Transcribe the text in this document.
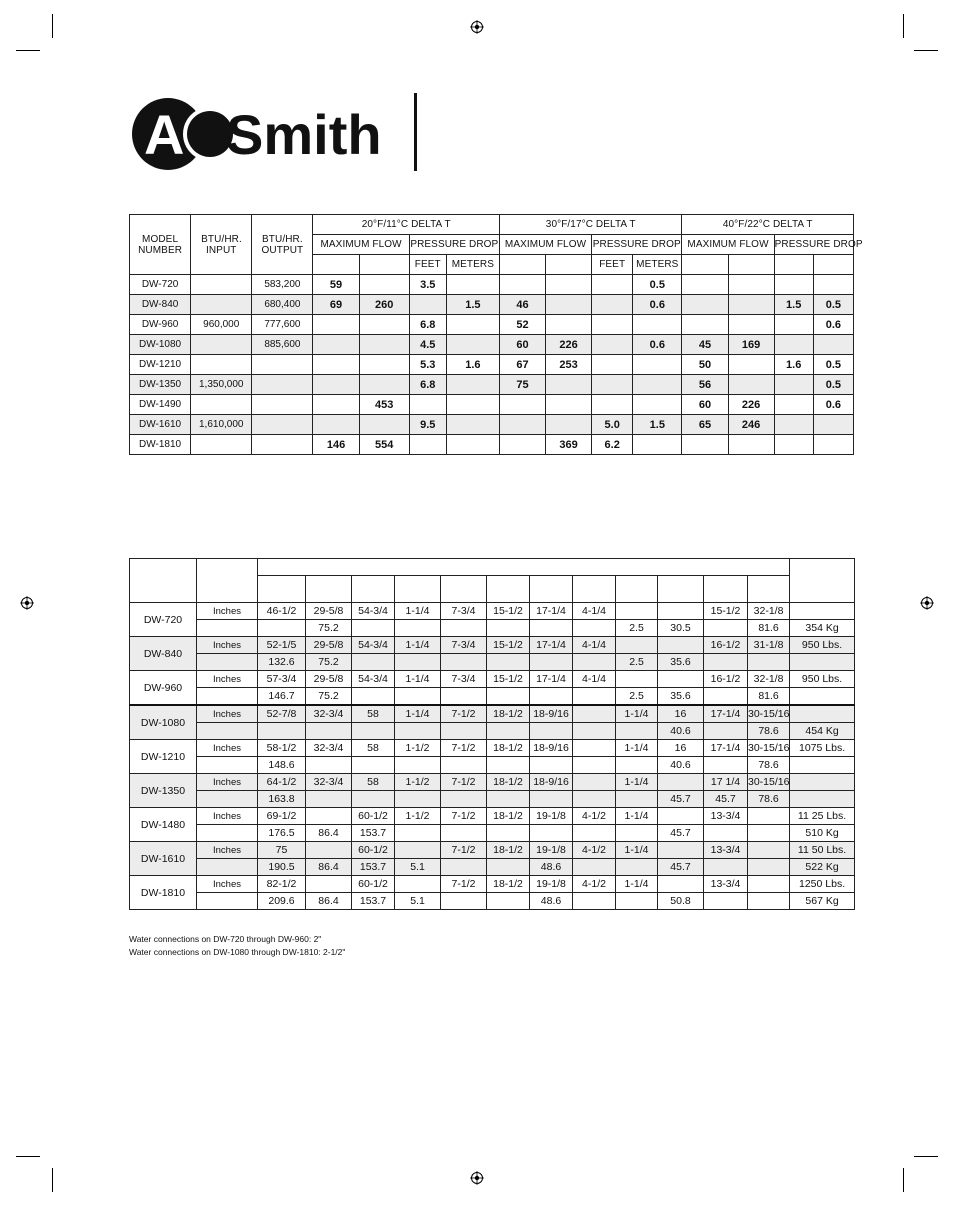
A Smith
MODEL NUMBER	BTU/HR. INPUT	BTU/HR. OUTPUT	20°F/11°C DELTA T				30°F/17°C DELTA T				40°F/22°C DELTA T			
			MAXIMUM FLOW		PRESSURE DROP		MAXIMUM FLOW		PRESSURE DROP		MAXIMUM FLOW		PRESSURE DROP	
					FEET	METERS			FEET	METERS				
DW-720		583,200	59		3.5					0.5				
DW-840		680,400	69	260		1.5	46			0.6			1.5	0.5
DW-960	960,000	777,600			6.8		52							0.6
DW-1080		885,600			4.5		60	226		0.6	45	169		
DW-1210					5.3	1.6	67	253			50		1.6	0.5
DW-1350	1,350,000				6.8		75				56			0.5
DW-1490				453							60	226		0.6
DW-1610	1,610,000				9.5				5.0	1.5	65	246		
DW-1810			146	554				369	6.2					

DW-720	Inches	46-1/2	29-5/8	54-3/4	1-1/4	7-3/4	15-1/2	17-1/4	4-1/4			15-1/2	32-1/8	
			75.2							2.5	30.5		81.6	354 Kg
DW-840	Inches	52-1/5	29-5/8	54-3/4	1-1/4	7-3/4	15-1/2	17-1/4	4-1/4			16-1/2	31-1/8	950 Lbs.
		132.6	75.2							2.5	35.6			
DW-960	Inches	57-3/4	29-5/8	54-3/4	1-1/4	7-3/4	15-1/2	17-1/4	4-1/4			16-1/2	32-1/8	950 Lbs.
		146.7	75.2							2.5	35.6		81.6	
DW-1080	Inches	52-7/8	32-3/4	58	1-1/4	7-1/2	18-1/2	18-9/16		1-1/4	16	17-1/4	30-15/16	
											40.6		78.6	454 Kg
DW-1210	Inches	58-1/2	32-3/4	58	1-1/2	7-1/2	18-1/2	18-9/16		1-1/4	16	17-1/4	30-15/16	1075 Lbs.
		148.6									40.6		78.6	
DW-1350	Inches	64-1/2	32-3/4	58	1-1/2	7-1/2	18-1/2	18-9/16		1-1/4		17 1/4	30-15/16	
		163.8									45.7	45.7	78.6	
DW-1480	Inches	69-1/2		60-1/2	1-1/2	7-1/2	18-1/2	19-1/8	4-1/2	1-1/4		13-3/4		11 25 Lbs.
		176.5	86.4	153.7							45.7			510 Kg
DW-1610	Inches	75		60-1/2		7-1/2	18-1/2	19-1/8	4-1/2	1-1/4		13-3/4		11 50 Lbs.
		190.5	86.4	153.7	5.1			48.6			45.7			522 Kg
DW-1810	Inches	82-1/2		60-1/2		7-1/2	18-1/2	19-1/8	4-1/2	1-1/4		13-3/4		1250 Lbs.
		209.6	86.4	153.7	5.1			48.6			50.8			567 Kg
Water connections on DW-720 through DW-960: 2"
Water connections on DW-1080 through DW-1810: 2-1/2"
